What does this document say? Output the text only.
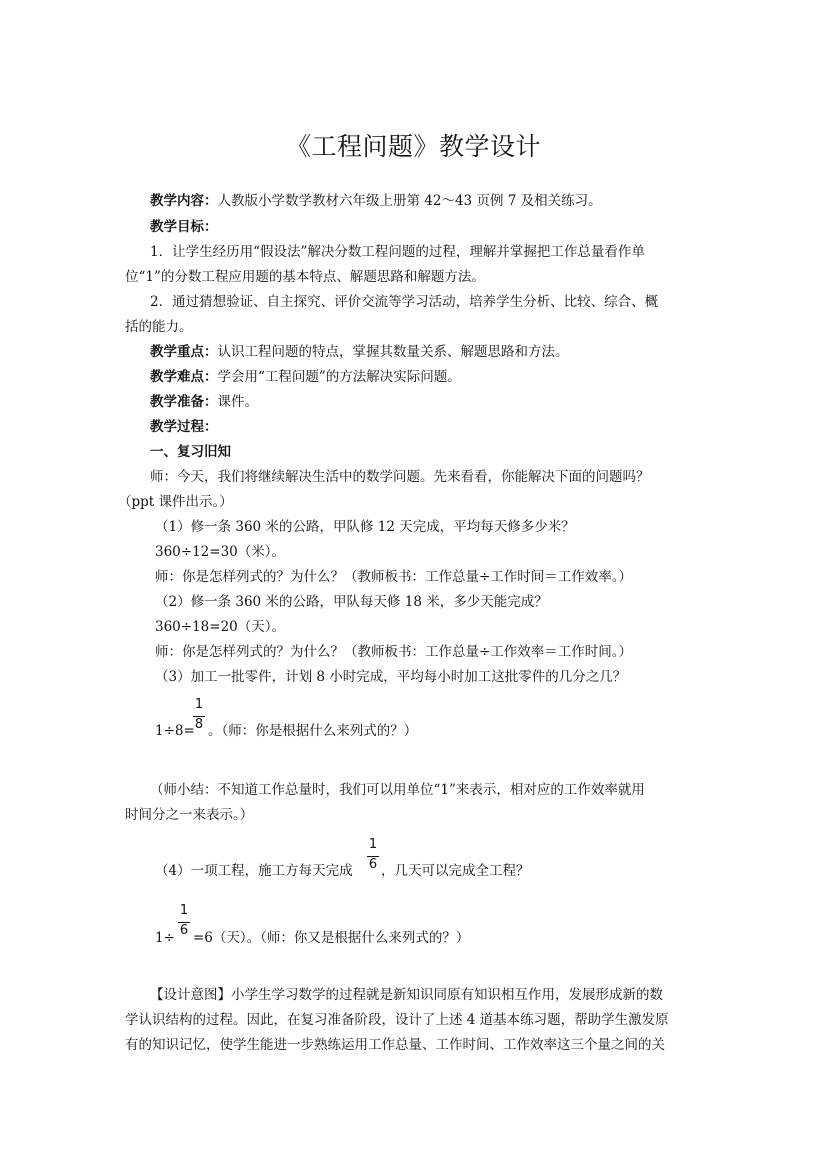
《工程问题》教学设计
教学内容：人教版小学数学教材六年级上册第 42～43 页例 7 及相关练习。
教学目标：
1．让学生经历用“假设法”解决分数工程问题的过程，理解并掌握把工作总量看作单
位“1”的分数工程应用题的基本特点、解题思路和解题方法。
2．通过猜想验证、自主探究、评价交流等学习活动，培养学生分析、比较、综合、概
括的能力。
教学重点：认识工程问题的特点，掌握其数量关系、解题思路和方法。
教学难点：学会用“工程问题”的方法解决实际问题。
教学准备：课件。
教学过程：
一、复习旧知
师：今天，我们将继续解决生活中的数学问题。先来看看，你能解决下面的问题吗？
（ppt 课件出示。）
（1）修一条 360 米的公路，甲队修 12 天完成，平均每天修多少米？
360÷12=30（米）。
师：你是怎样列式的？为什么？（教师板书：工作总量÷工作时间＝工作效率。）
（2）修一条 360 米的公路，甲队每天修 18 米，多少天能完成？
360÷18=20（天）。
师：你是怎样列式的？为什么？（教师板书：工作总量÷工作效率＝工作时间。）
（3）加工一批零件，计划 8 小时完成，平均每小时加工这批零件的几分之几？
1÷8=
1
8 。（师：你是根据什么来列式的？）
（师小结：不知道工作总量时，我们可以用单位“1”来表示，相对应的工作效率就用
时间分之一来表示。）
（4）一项工程，施工方每天完成
1
6 ，几天可以完成全工程？
1÷
1
6 =6（天）。（师：你又是根据什么来列式的？）
【设计意图】小学生学习数学的过程就是新知识同原有知识相互作用，发展形成新的数
学认识结构的过程。因此，在复习准备阶段，设计了上述 4 道基本练习题，帮助学生激发原
有的知识记忆，使学生能进一步熟练运用工作总量、工作时间、工作效率这三个量之间的关
